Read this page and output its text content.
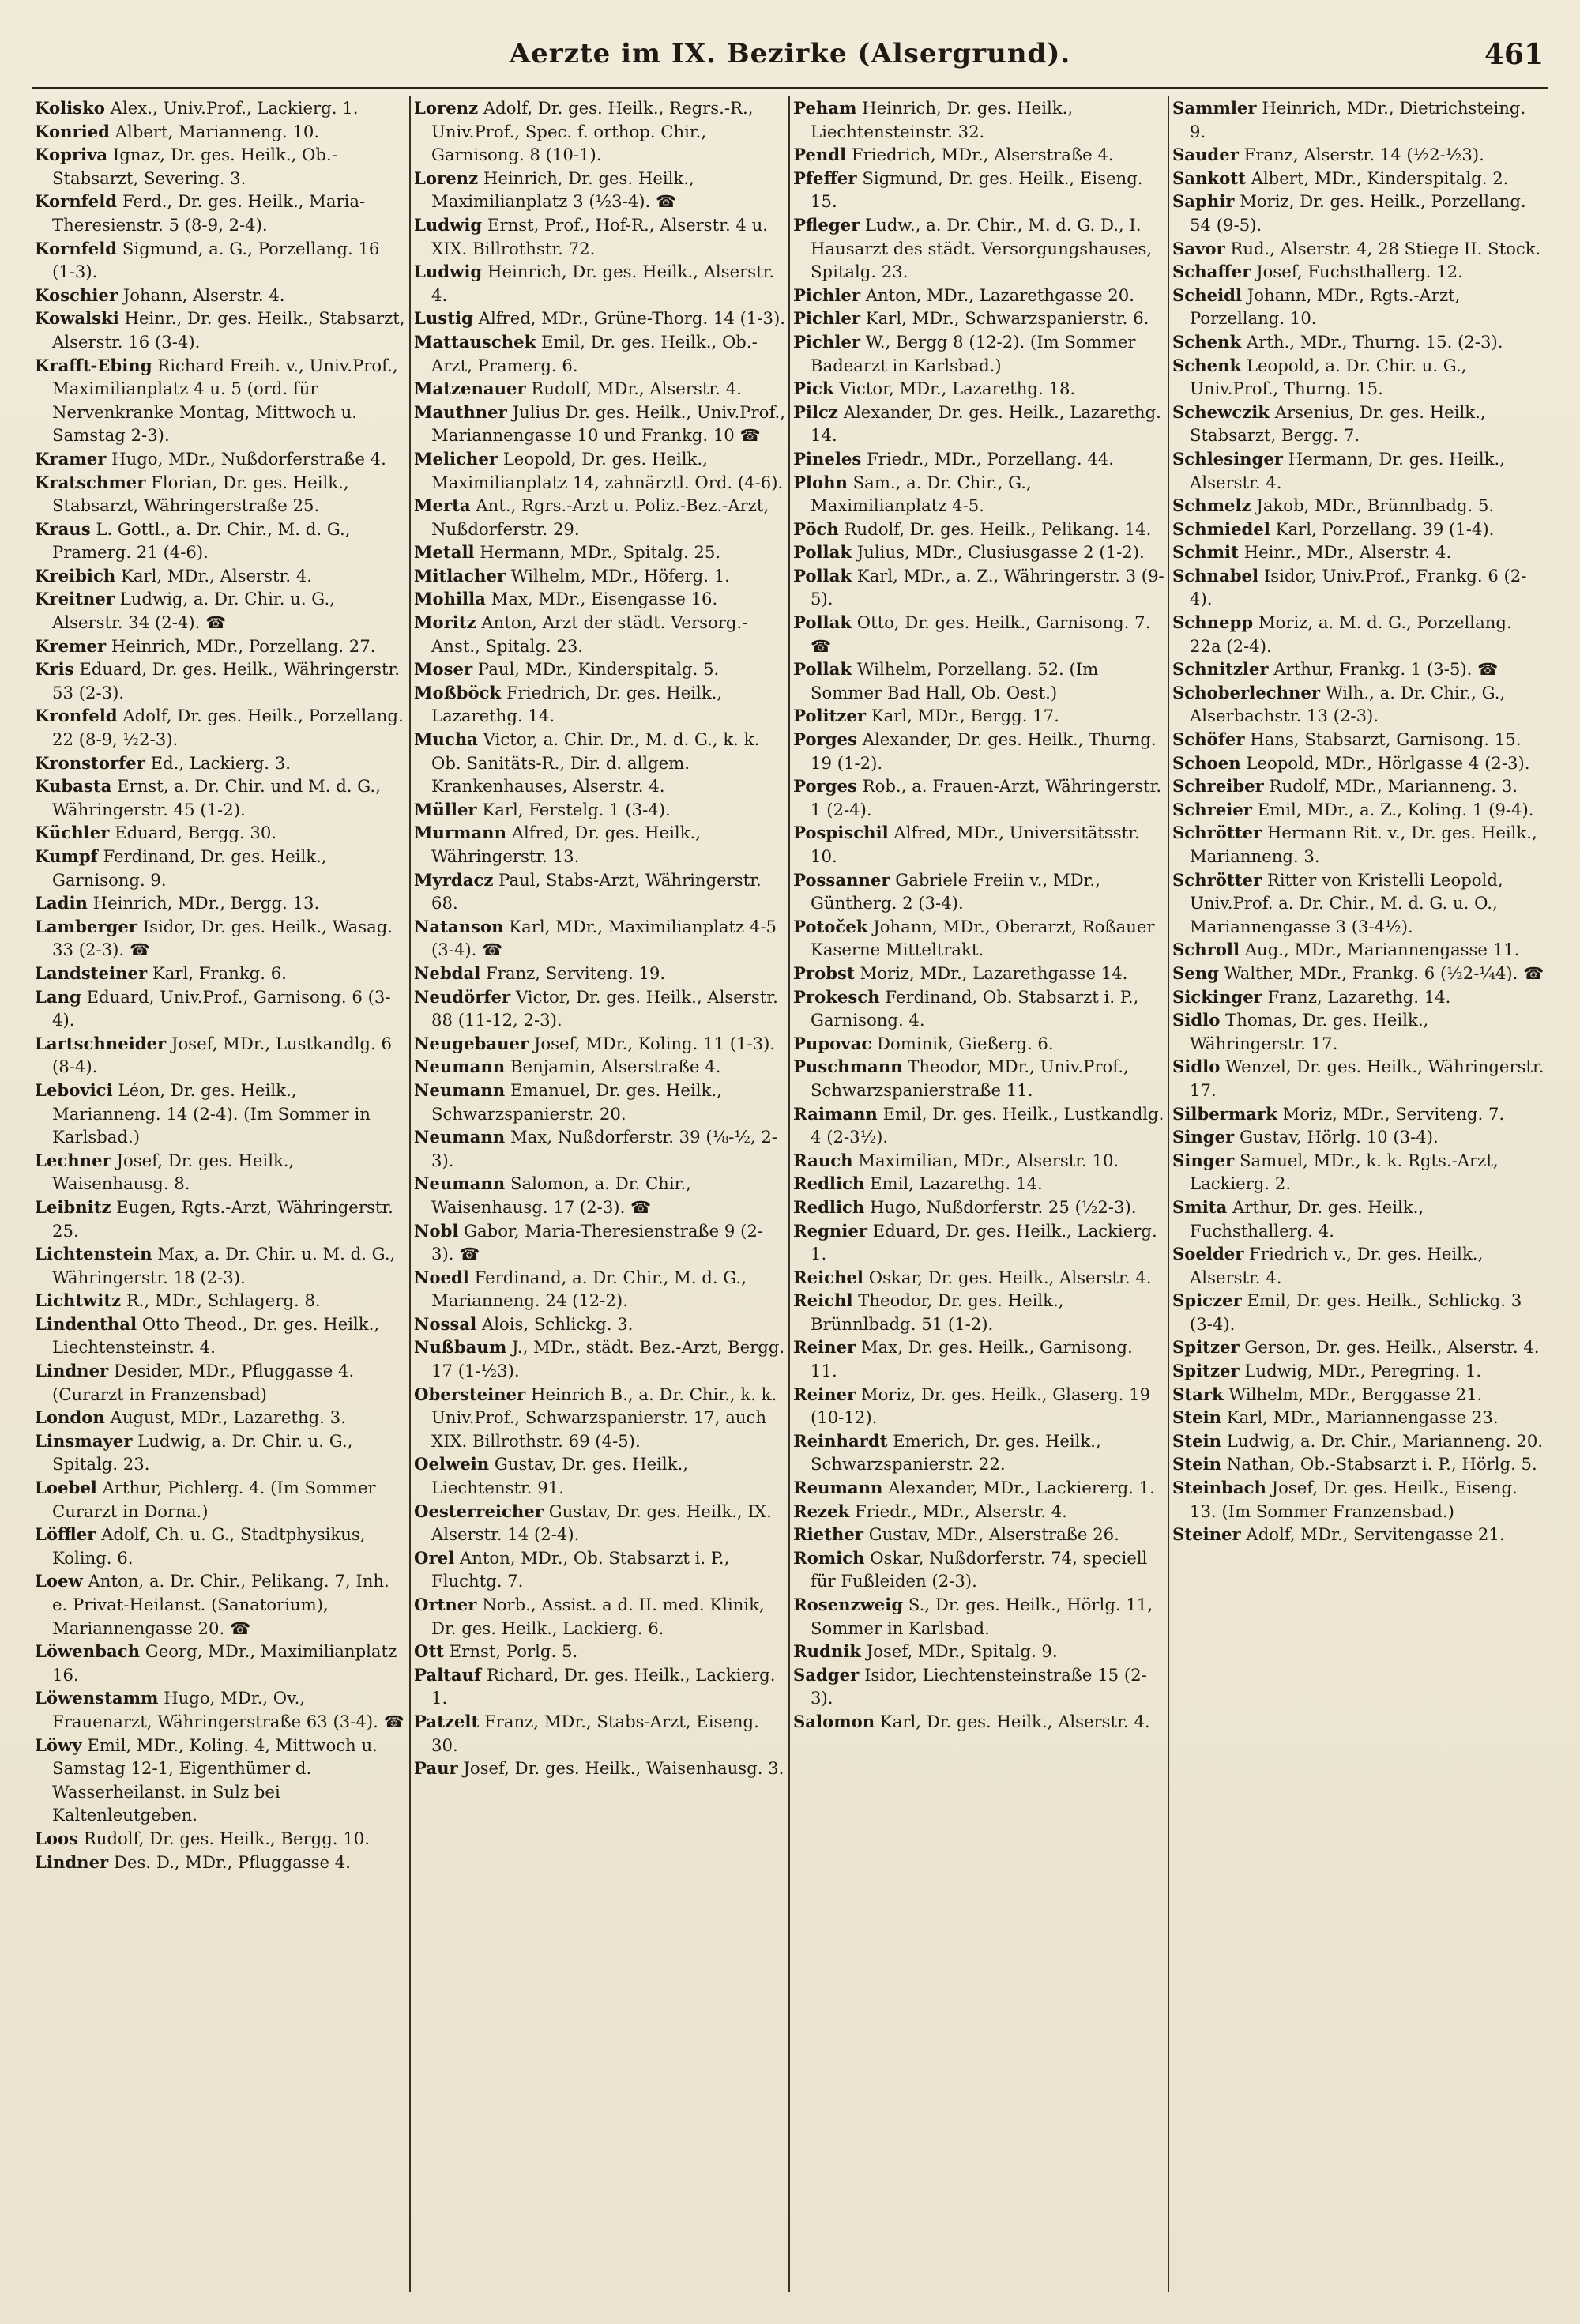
Aerzte im IX. Bezirke (Alsergrund).	461

Kolisko Alex., Univ.Prof., Lackierg. 1.

Konried Albert, Marianneng. 10.

Koprivа Ignaz, Dr. ges. Heilk., Ob.-Stabsarzt, Severing. 3.

Kornfeld Ferd., Dr. ges. Heilk., Maria-Theresienstr. 5 (8-9, 2-4).

Kornfeld Sigmund, a. G., Porzellang. 16 (1-3).

Koschier Johann, Alserstr. 4.

Kowalski Heinr., Dr. ges. Heilk., Stabsarzt, Alserstr. 16 (3-4).

Krafft-Ebing Richard Freih. v., Univ.Prof., Maximilianplatz 4 u. 5 (ord. für Nervenkranke Montag, Mittwoch u. Samstag 2-3).

Kramer Hugo, MDr., Nußdorferstraße 4.

Kratschmer Florian, Dr. ges. Heilk., Stabsarzt, Währingerstraße 25.

Kraus L. Gottl., a. Dr. Chir., M. d. G., Pramerg. 21 (4-6).

Kreibich Karl, MDr., Alserstr. 4.

Kreitner Ludwig, a. Dr. Chir. u. G., Alserstr. 34 (2-4). ☎

Kremer Heinrich, MDr., Porzellang. 27.

Kris Eduard, Dr. ges. Heilk., Währingerstr. 53 (2-3).

Kronfeld Adolf, Dr. ges. Heilk., Porzellang. 22 (8-9, ½2-3).

Kronstorfer Ed., Lackierg. 3.

Kubasta Ernst, a. Dr. Chir. und M. d. G., Währingerstr. 45 (1-2).

Küchler Eduard, Bergg. 30.

Kumpf Ferdinand, Dr. ges. Heilk., Garnisong. 9.

Ladin Heinrich, MDr., Bergg. 13.

Lamberger Isidor, Dr. ges. Heilk., Wasag. 33 (2-3). ☎

Landsteiner Karl, Frankg. 6.

Lang Eduard, Univ.Prof., Garnisong. 6 (3-4).

Lartschneider Josef, MDr., Lustkandlg. 6 (8-4).

Lebovici Léon, Dr. ges. Heilk., Marianneng. 14 (2-4). (Im Sommer in Karlsbad.)

Lechner Josef, Dr. ges. Heilk., Waisenhausg. 8.

Leibnitz Eugen, Rgts.-Arzt, Währingerstr. 25.

Lichtenstein Max, a. Dr. Chir. u. M. d. G., Währingerstr. 18 (2-3).

Lichtwitz R., MDr., Schlagerg. 8.

Lindenthal Otto Theod., Dr. ges. Heilk., Liechtensteinstr. 4.

Lindner Desider, MDr., Pfluggasse 4. (Curarzt in Franzensbad)

London August, MDr., Lazarethg. 3.

Linsmayer Ludwig, a. Dr. Chir. u. G., Spitalg. 23.

Loebel Arthur, Pichlerg. 4. (Im Sommer Curarzt in Dorna.)

Löffler Adolf, Ch. u. G., Stadtphysikus, Koling. 6.

Loew Anton, a. Dr. Chir., Pelikang. 7, Inh. e. Privat-Heilanst. (Sanatorium), Mariannengasse 20. ☎

Löwenbach Georg, MDr., Maximilianplatz 16.

Löwenstamm Hugo, MDr., Ov., Frauenarzt, Währingerstraße 63 (3-4). ☎

Löwy Emil, MDr., Koling. 4, Mittwoch u. Samstag 12-1, Eigenthümer d. Wasserheilanst. in Sulz bei Kaltenleutgeben.

Loos Rudolf, Dr. ges. Heilk., Bergg. 10.

Lindner Des. D., MDr., Pfluggasse 4.

Lorenz Adolf, Dr. ges. Heilk., Regrs.-R., Univ.Prof., Spec. f. orthop. Chir., Garnisong. 8 (10-1).

Lorenz Heinrich, Dr. ges. Heilk., Maximilianplatz 3 (½3-4). ☎

Ludwig Ernst, Prof., Hof-R., Alserstr. 4 u. XIX. Billrothstr. 72.

Ludwig Heinrich, Dr. ges. Heilk., Alserstr. 4.

Lustig Alfred, MDr., Grüne-Thorg. 14 (1-3).

Mattauschek Emil, Dr. ges. Heilk., Ob.-Arzt, Pramerg. 6.

Matzenauer Rudolf, MDr., Alserstr. 4.

Mauthner Julius Dr. ges. Heilk., Univ.Prof., Mariannengasse 10 und Frankg. 10 ☎

Melicher Leopold, Dr. ges. Heilk., Maximilianplatz 14, zahnärztl. Ord. (4-6).

Merta Ant., Rgrs.-Arzt u. Poliz.-Bez.-Arzt, Nußdorferstr. 29.

Metall Hermann, MDr., Spitalg. 25.

Mitlacher Wilhelm, MDr., Höferg. 1.

Mohilla Max, MDr., Eisengasse 16.

Moritz Anton, Arzt der städt. Versorg.-Anst., Spitalg. 23.

Moser Paul, MDr., Kinderspitalg. 5.

Moßböck Friedrich, Dr. ges. Heilk., Lazarethg. 14.

Mucha Victor, a. Chir. Dr., M. d. G., k. k. Ob. Sanitäts-R., Dir. d. allgem. Krankenhauses, Alserstr. 4.

Müller Karl, Ferstelg. 1 (3-4).

Murmann Alfred, Dr. ges. Heilk., Währingerstr. 13.

Myrdacz Paul, Stabs-Arzt, Währingerstr. 68.

Natanson Karl, MDr., Maximilianplatz 4-5 (3-4). ☎

Nebdal Franz, Serviteng. 19.

Neudörfer Victor, Dr. ges. Heilk., Alserstr. 88 (11-12, 2-3).

Neugebauer Josef, MDr., Koling. 11 (1-3).

Neumann Benjamin, Alserstraße 4.

Neumann Emanuel, Dr. ges. Heilk., Schwarzspanierstr. 20.

Neumann Max, Nußdorferstr. 39 (⅛-½, 2-3).

Neumann Salomon, a. Dr. Chir., Waisenhausg. 17 (2-3). ☎

Nobl Gabor, Maria-Theresienstraße 9 (2-3). ☎

Noedl Ferdinand, a. Dr. Chir., M. d. G., Marianneng. 24 (12-2).

Nossal Alois, Schlickg. 3.

Nußbaum J., MDr., städt. Bez.-Arzt, Bergg. 17 (1-½3).

Obersteiner Heinrich B., a. Dr. Chir., k. k. Univ.Prof., Schwarzspanierstr. 17, auch XIX. Billrothstr. 69 (4-5).

Oelwein Gustav, Dr. ges. Heilk., Liechtenstr. 91.

Oesterreicher Gustav, Dr. ges. Heilk., IX. Alserstr. 14 (2-4).

Orel Anton, MDr., Ob. Stabsarzt i. P., Fluchtg. 7.

Ortner Norb., Assist. a d. II. med. Klinik, Dr. ges. Heilk., Lackierg. 6.

Ott Ernst, Porlg. 5.

Paltauf Richard, Dr. ges. Heilk., Lackierg. 1.

Patzelt Franz, MDr., Stabs-Arzt, Eiseng. 30.

Paur Josef, Dr. ges. Heilk., Waisenhausg. 3.

Peham Heinrich, Dr. ges. Heilk., Liechtensteinstr. 32.

Pendl Friedrich, MDr., Alserstraße 4.

Pfeffer Sigmund, Dr. ges. Heilk., Eiseng. 15.

Pfleger Ludw., a. Dr. Chir., M. d. G. D., I. Hausarzt des städt. Versorgungshauses, Spitalg. 23.

Pichler Anton, MDr., Lazarethgasse 20.

Pichler Karl, MDr., Schwarzspanierstr. 6.

Pichler W., Bergg 8 (12-2). (Im Sommer Badearzt in Karlsbad.)

Pick Victor, MDr., Lazarethg. 18.

Pilcz Alexander, Dr. ges. Heilk., Lazarethg. 14.

Pineles Friedr., MDr., Porzellang. 44.

Plohn Sam., a. Dr. Chir., G., Maximilianplatz 4-5.

Pöch Rudolf, Dr. ges. Heilk., Pelikang. 14.

Pollak Julius, MDr., Clusiusgasse 2 (1-2).

Pollak Karl, MDr., a. Z., Währingerstr. 3 (9-5).

Pollak Otto, Dr. ges. Heilk., Garnisong. 7. ☎

Pollak Wilhelm, Porzellang. 52. (Im Sommer Bad Hall, Ob. Oest.)

Politzer Karl, MDr., Bergg. 17.

Porges Alexander, Dr. ges. Heilk., Thurng. 19 (1-2).

Porges Rob., a. Frauen-Arzt, Währingerstr. 1 (2-4).

Pospischil Alfred, MDr., Universitätsstr. 10.

Possanner Gabriele Freiin v., MDr., Güntherg. 2 (3-4).

Potoček Johann, MDr., Oberarzt, Roßauer Kaserne Mitteltrakt.

Probst Moriz, MDr., Lazarethgasse 14.

Prokesch Ferdinand, Ob. Stabsarzt i. P., Garnisong. 4.

Pupovac Dominik, Gießerg. 6.

Puschmann Theodor, MDr., Univ.Prof., Schwarzspanierstraße 11.

Raimann Emil, Dr. ges. Heilk., Lustkandlg. 4 (2-3½).

Rauch Maximilian, MDr., Alserstr. 10.

Redlich Emil, Lazarethg. 14.

Redlich Hugo, Nußdorferstr. 25 (½2-3).

Regnier Eduard, Dr. ges. Heilk., Lackierg. 1.

Reichel Oskar, Dr. ges. Heilk., Alserstr. 4.

Reichl Theodor, Dr. ges. Heilk., Brünnlbadg. 51 (1-2).

Reiner Max, Dr. ges. Heilk., Garnisong. 11.

Reiner Moriz, Dr. ges. Heilk., Glaserg. 19 (10-12).

Reinhardt Emerich, Dr. ges. Heilk., Schwarzspanierstr. 22.

Reumann Alexander, MDr., Lackiererg. 1.

Rezek Friedr., MDr., Alserstr. 4.

Riether Gustav, MDr., Alserstraße 26.

Romich Oskar, Nußdorferstr. 74, speciell für Fußleiden (2-3).

Rosenzweig S., Dr. ges. Heilk., Hörlg. 11, Sommer in Karlsbad.

Rudnik Josef, MDr., Spitalg. 9.

Sadger Isidor, Liechtensteinstraße 15 (2-3).

Salomon Karl, Dr. ges. Heilk., Alserstr. 4.

Sammler Heinrich, MDr., Dietrichsteing. 9.

Sauder Franz, Alserstr. 14 (½2-½3).

Sankott Albert, MDr., Kinderspitalg. 2.

Saphir Moriz, Dr. ges. Heilk., Porzellang. 54 (9-5).

Savor Rud., Alserstr. 4, 28 Stiege II. Stock.

Schaffer Josef, Fuchsthallerg. 12.

Scheidl Johann, MDr., Rgts.-Arzt, Porzellang. 10.

Schenk Arth., MDr., Thurng. 15. (2-3).

Schenk Leopold, a. Dr. Chir. u. G., Univ.Prof., Thurng. 15.

Schewczik Arsenius, Dr. ges. Heilk., Stabsarzt, Bergg. 7.

Schlesinger Hermann, Dr. ges. Heilk., Alserstr. 4.

Schmelz Jakob, MDr., Brünnlbadg. 5.

Schmiedel Karl, Porzellang. 39 (1-4).

Schmit Heinr., MDr., Alserstr. 4.

Schnabel Isidor, Univ.Prof., Frankg. 6 (2-4).

Schnepp Moriz, a. M. d. G., Porzellang. 22a (2-4).

Schnitzler Arthur, Frankg. 1 (3-5). ☎

Schoberlechner Wilh., a. Dr. Chir., G., Alserbachstr. 13 (2-3).

Schöfer Hans, Stabsarzt, Garnisong. 15.

Schoen Leopold, MDr., Hörlgasse 4 (2-3).

Schreiber Rudolf, MDr., Marianneng. 3.

Schreier Emil, MDr., a. Z., Koling. 1 (9-4).

Schrötter Hermann Rit. v., Dr. ges. Heilk., Marianneng. 3.

Schrötter Ritter von Kristelli Leopold, Univ.Prof. a. Dr. Chir., M. d. G. u. O., Mariannengasse 3 (3-4½).

Schroll Aug., MDr., Mariannengasse 11.

Seng Walther, MDr., Frankg. 6 (½2-¼4). ☎

Sickinger Franz, Lazarethg. 14.

Sidlo Thomas, Dr. ges. Heilk., Währingerstr. 17.

Sidlo Wenzel, Dr. ges. Heilk., Währingerstr. 17.

Silbermark Moriz, MDr., Serviteng. 7.

Singer Gustav, Hörlg. 10 (3-4).

Singer Samuel, MDr., k. k. Rgts.-Arzt, Lackierg. 2.

Smita Arthur, Dr. ges. Heilk., Fuchsthallerg. 4.

Soelder Friedrich v., Dr. ges. Heilk., Alserstr. 4.

Spiczer Emil, Dr. ges. Heilk., Schlickg. 3 (3-4).

Spitzer Gerson, Dr. ges. Heilk., Alserstr. 4.

Spitzer Ludwig, MDr., Peregring. 1.

Stark Wilhelm, MDr., Berggasse 21.

Stein Karl, MDr., Mariannengasse 23.

Stein Ludwig, a. Dr. Chir., Marianneng. 20.

Stein Nathan, Ob.-Stabsarzt i. P., Hörlg. 5.

Steinbach Josef, Dr. ges. Heilk., Eiseng. 13. (Im Sommer Franzensbad.)

Steiner Adolf, MDr., Servitengasse 21.
